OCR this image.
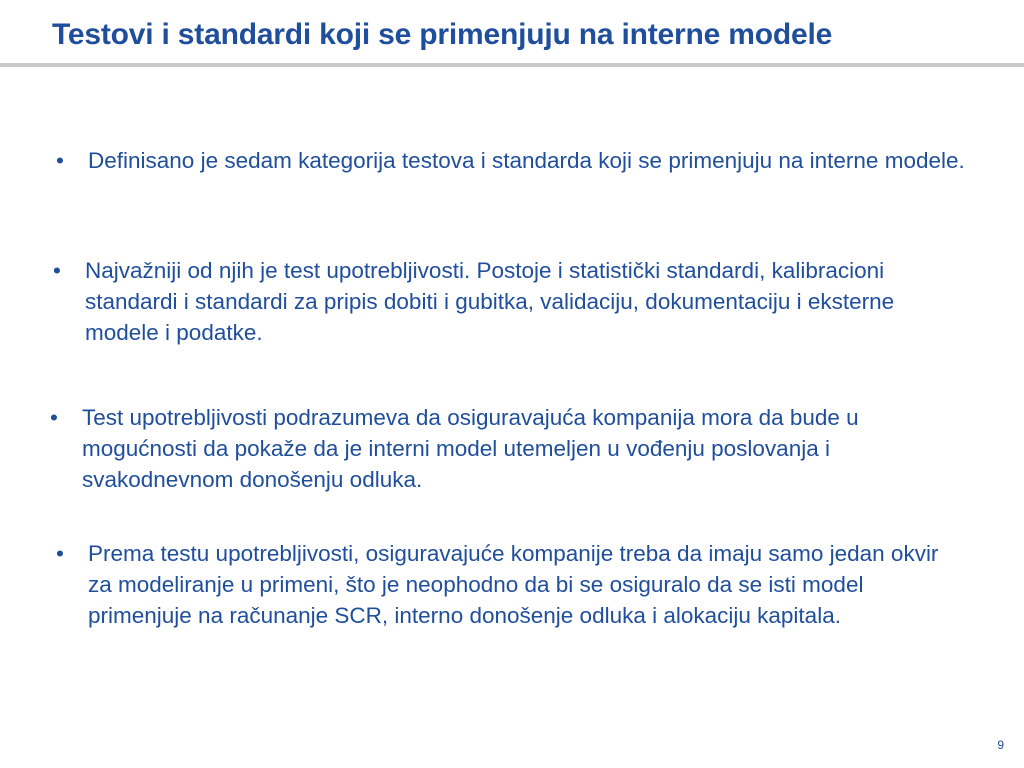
Testovi i standardi koji se primenjuju na interne modele
• Definisano je sedam kategorija testova i standarda koji se primenjuju na interne modele.
• Najvažniji od njih je test upotrebljivosti. Postoje i statistički standardi, kalibracioni standardi i standardi za pripis dobiti i gubitka, validaciju, dokumentaciju i eksterne modele i podatke.
• Test upotrebljivosti podrazumeva da osiguravajuća kompanija mora da bude u mogućnosti da pokaže da je interni model utemeljen u vođenju poslovanja i svakodnevnom donošenju odluka.
• Prema testu upotrebljivosti, osiguravajuće kompanije treba da imaju samo jedan okvir za modeliranje u primeni, što je neophodno da bi se osiguralo da se isti model primenjuje na računanje SCR, interno donošenje odluka i alokaciju kapitala.
9
